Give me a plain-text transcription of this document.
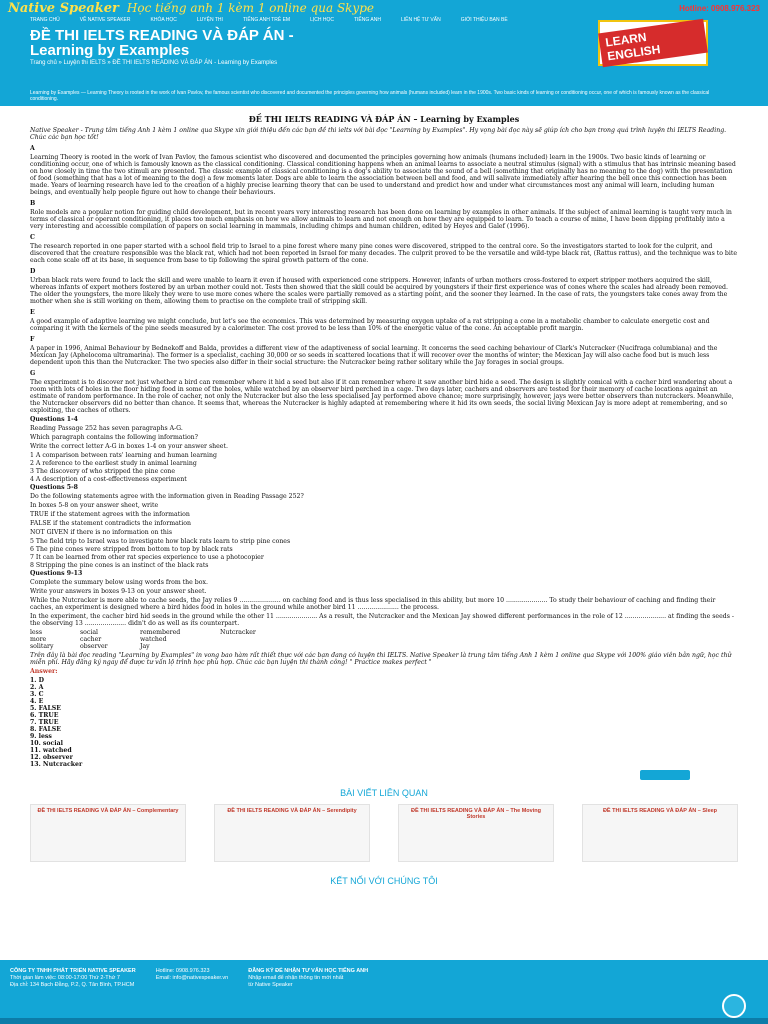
Native Speaker Học tiếng anh 1 kèm 1 online qua Skype	Hotline: 0908.976.323
TRANG CHỦ	VỀ NATIVE SPEAKER	KHÓA HỌC	LUYỆN THI	TIẾNG ANH TRẺ EM	LỊCH HỌC	TIẾNG ANH	LIÊN HỆ TƯ VẤN	GIỚI THIỆU BẠN BÈ
ĐỀ THI IELTS READING VÀ ĐÁP ÁN -
Learning by Examples
Trang chủ » Luyện thi IELTS » ĐỀ THI IELTS READING VÀ ĐÁP ÁN - Learning by Examples
LEARN ENGLISH
Learning by Examples — Learning Theory is rooted in the work of Ivan Pavlov, the famous scientist who discovered and documented the principles governing how animals (humans included) learn in the 1900s. Two basic kinds of learning or conditioning occur, one of which is famously known as the classical conditioning.
ĐỀ THI IELTS READING VÀ ĐÁP ÁN – Learning by Examples

Native Speaker - Trung tâm tiếng Anh 1 kèm 1 online qua Skype xin giới thiệu đến các bạn đề thi ielts với bài đọc "Learning by Examples". Hy vọng bài đọc này sẽ giúp ích cho bạn trong quá trình luyện thi IELTS Reading. Chúc các bạn học tốt!

A

Learning Theory is rooted in the work of Ivan Pavlov, the famous scientist who discovered and documented the principles governing how animals (humans included) learn in the 1900s. Two basic kinds of learning or conditioning occur, one of which is famously known as the classical conditioning. Classical conditioning happens when an animal learns to associate a neutral stimulus (signal) with a stimulus that has intrinsic meaning based on how closely in time the two stimuli are presented. The classic example of classical conditioning is a dog's ability to associate the sound of a bell (something that originally has no meaning to the dog) with the presentation of food (something that has a lot of meaning to the dog) a few moments later. Dogs are able to learn the association between bell and food, and will salivate immediately after hearing the bell once this connection has been made. Years of learning research have led to the creation of a highly precise learning theory that can be used to understand and predict how and under what circumstances most any animal will learn, including human beings, and eventually help people figure out how to change their behaviours.

B

Role models are a popular notion for guiding child development, but in recent years very interesting research has been done on learning by examples in other animals. If the subject of animal learning is taught very much in terms of classical or operant conditioning, it places too much emphasis on how we allow animals to learn and not enough on how they are equipped to learn. To teach a course of mine, I have been dipping profitably into a very interesting and accessible compilation of papers on social learning in mammals, including chimps and human children, edited by Heyes and Galef (1996).

C

The research reported in one paper started with a school field trip to Israel to a pine forest where many pine cones were discovered, stripped to the central core. So the investigators started to look for the culprit, and discovered that the creature responsible was the black rat, which had not been reported in Israel for many decades. The culprit proved to be the versatile and wild-type black rat, (Rattus rattus), and the technique was to bite each cone scale off at its base, in sequence from base to tip following the spiral growth pattern of the cone.

D

Urban black rats were found to lack the skill and were unable to learn it even if housed with experienced cone strippers. However, infants of urban mothers cross-fostered to expert stripper mothers acquired the skill, whereas infants of expert mothers fostered by an urban mother could not. Tests then showed that the skill could be acquired by youngsters if their first experience was of cones where the scales had already been removed. The older the youngsters, the more likely they were to use more cones where the scales were partially removed as a starting point, and the sooner they learned. In the case of rats, the youngsters take cones away from the mother when she is still working on them, allowing them to practise on the complete trail of stripping skill.

E

A good example of adaptive learning we might conclude, but let's see the economics. This was determined by measuring oxygen uptake of a rat stripping a cone in a metabolic chamber to calculate energetic cost and comparing it with the kernels of the pine seeds measured by a calorimeter. The cost proved to be less than 10% of the energetic value of the cone. An acceptable profit margin.

F

A paper in 1996, Animal Behaviour by Bednekoff and Balda, provides a different view of the adaptiveness of social learning. It concerns the seed caching behaviour of Clark's Nutcracker (Nucifraga columbiana) and the Mexican Jay (Aphelocoma ultramarina). The former is a specialist, caching 30,000 or so seeds in scattered locations that it will recover over the months of winter; the Mexican Jay will also cache food but is much less dependent upon this than the Nutcracker. The two species also differ in their social structure: the Nutcracker being rather solitary while the Jay forages in social groups.

G

The experiment is to discover not just whether a bird can remember where it hid a seed but also if it can remember where it saw another bird hide a seed. The design is slightly comical with a cacher bird wandering about a room with lots of holes in the floor hiding food in some of the holes, while watched by an observer bird perched in a cage. Two days later, cachers and observers are tested for their memory of cache locations against an estimate of random performance. In the role of cacher, not only the Nutcracker but also the less specialised Jay performed above chance; more surprisingly, however, jays were better observers than nutcrackers. Meanwhile, the Nutcracker observers did no better than chance. It seems that, whereas the Nutcracker is highly adapted at remembering where it hid its own seeds, the social living Mexican Jay is more adept at remembering, and so exploiting, the caches of others.

Questions 1-4

Reading Passage 252 has seven paragraphs A-G.

Which paragraph contains the following information?

Write the correct letter A-G in boxes 1-4 on your answer sheet.

1 A comparison between rats' learning and human learning
2 A reference to the earliest study in animal learning
3 The discovery of who stripped the pine cone
4 A description of a cost-effectiveness experiment

Questions 5-8

Do the following statements agree with the information given in Reading Passage 252?

In boxes 5-8 on your answer sheet, write

TRUE if the statement agrees with the information

FALSE if the statement contradicts the information

NOT GIVEN if there is no information on this

5 The field trip to Israel was to investigate how black rats learn to strip pine cones
6 The pine cones were stripped from bottom to top by black rats
7 It can be learned from other rat species experience to use a photocopier
8 Stripping the pine cones is an instinct of the black rats

Questions 9-13

Complete the summary below using words from the box.

Write your answers in boxes 9-13 on your answer sheet.

While the Nutcracker is more able to cache seeds, the Jay relies 9 ..................... on caching food and is thus less specialised in this ability, but more 10 ..................... To study their behaviour of caching and finding their caches, an experiment is designed where a bird hides food in holes in the ground while another bird 11 ..................... the process.

In the experiment, the cacher bird hid seeds in the ground while the other 11 ..................... As a result, the Nutcracker and the Mexican Jay showed different performances in the role of 12 ..................... at finding the seeds - the observing 13 ..................... didn't do as well as its counterpart.

less	social	remembered	Nutcracker
more	cacher	watched
solitary	observer	Jay

Trên đây là bài đọc reading "Learning by Examples" in vong bao hàm rất thiết thực với các bạn đang có luyện thi IELTS. Native Speaker là trung tâm tiếng Anh 1 kèm 1 online qua Skype với 100% giáo viên bản ngữ, học thử miễn phí. Hãy đăng ký ngay để được tư vấn lộ trình học phù hợp. Chúc các bạn luyện thi thành công! " Practice makes perfect "

Answer:

1. D
2. A
3. C
4. E
5. FALSE
6. TRUE
7. TRUE
8. FALSE
9. less
10. social
11. watched
12. observer
13. Nutcracker
BÀI VIẾT LIÊN QUAN
ĐỀ THI IELTS READING VÀ ĐÁP ÁN – Complementary	ĐỀ THI IELTS READING VÀ ĐÁP ÁN – Serendipity	ĐỀ THI IELTS READING VÀ ĐÁP ÁN – The Moving Stories
ĐỀ THI IELTS READING VÀ ĐÁP ÁN – Sleep
KẾT NỐI VỚI CHÚNG TÔI
CÔNG TY TNHH PHÁT TRIỂN NATIVE SPEAKER
Thời gian làm việc: 08:00-17:00 Thứ 2-Thứ 7
Địa chỉ: 134 Bạch Đằng, P.2, Q. Tân Bình, TP.HCM
Hotline: 0908.976.323
Email: info@nativespeaker.vn
ĐĂNG KÝ ĐỂ NHẬN TƯ VẤN HỌC TIẾNG ANH
Nhập email để nhận thông tin mới nhất
từ Native Speaker
